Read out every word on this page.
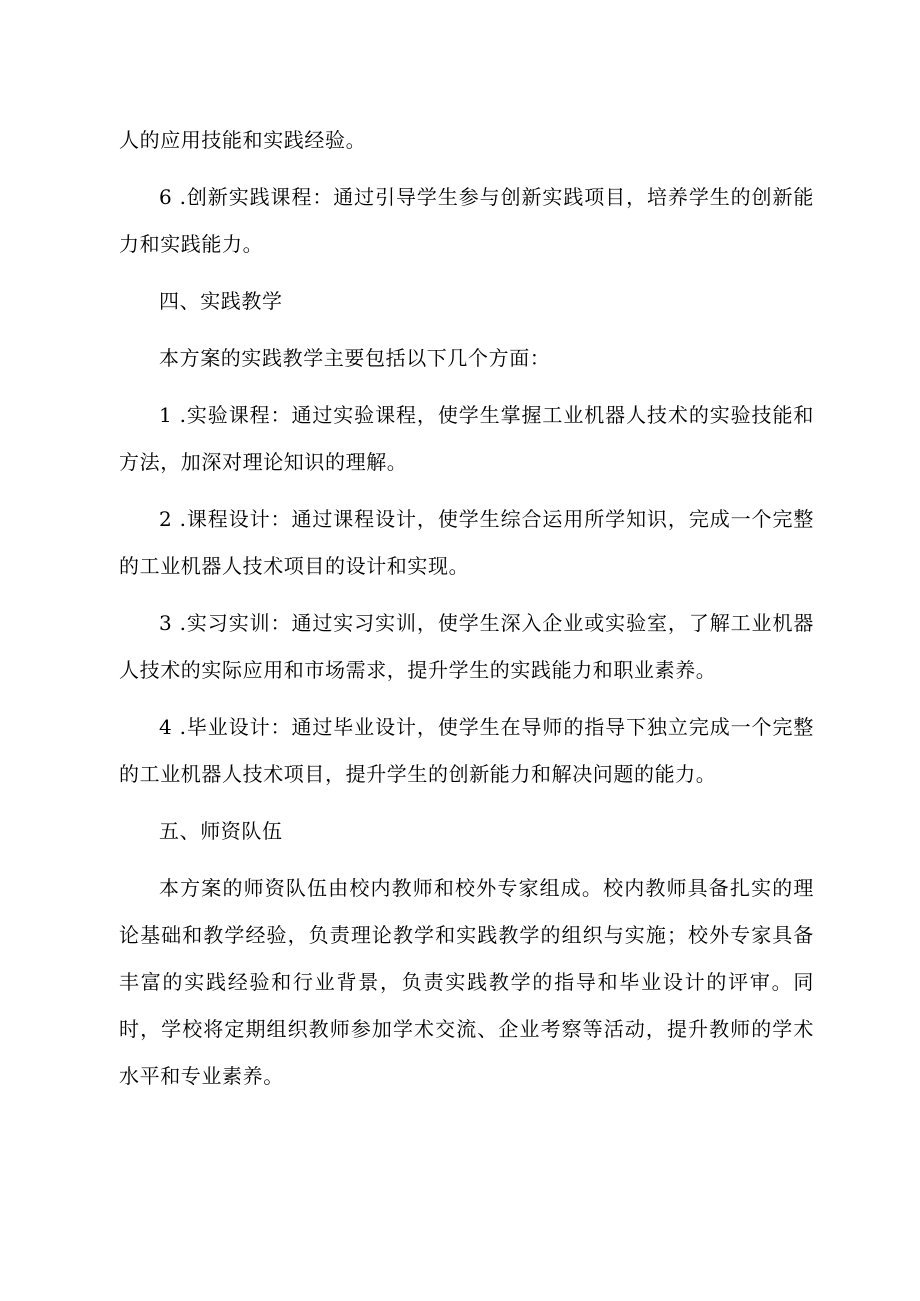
人的应用技能和实践经验。

6 .创新实践课程：通过引导学生参与创新实践项目，培养学生的创新能力和实践能力。

四、实践教学

本方案的实践教学主要包括以下几个方面：

1 .实验课程：通过实验课程，使学生掌握工业机器人技术的实验技能和方法，加深对理论知识的理解。

2 .课程设计：通过课程设计，使学生综合运用所学知识，完成一个完整的工业机器人技术项目的设计和实现。

3 .实习实训：通过实习实训，使学生深入企业或实验室，了解工业机器人技术的实际应用和市场需求，提升学生的实践能力和职业素养。

4 .毕业设计：通过毕业设计，使学生在导师的指导下独立完成一个完整的工业机器人技术项目，提升学生的创新能力和解决问题的能力。

五、师资队伍

本方案的师资队伍由校内教师和校外专家组成。校内教师具备扎实的理论基础和教学经验，负责理论教学和实践教学的组织与实施；校外专家具备丰富的实践经验和行业背景，负责实践教学的指导和毕业设计的评审。同时，学校将定期组织教师参加学术交流、企业考察等活动，提升教师的学术水平和专业素养。
